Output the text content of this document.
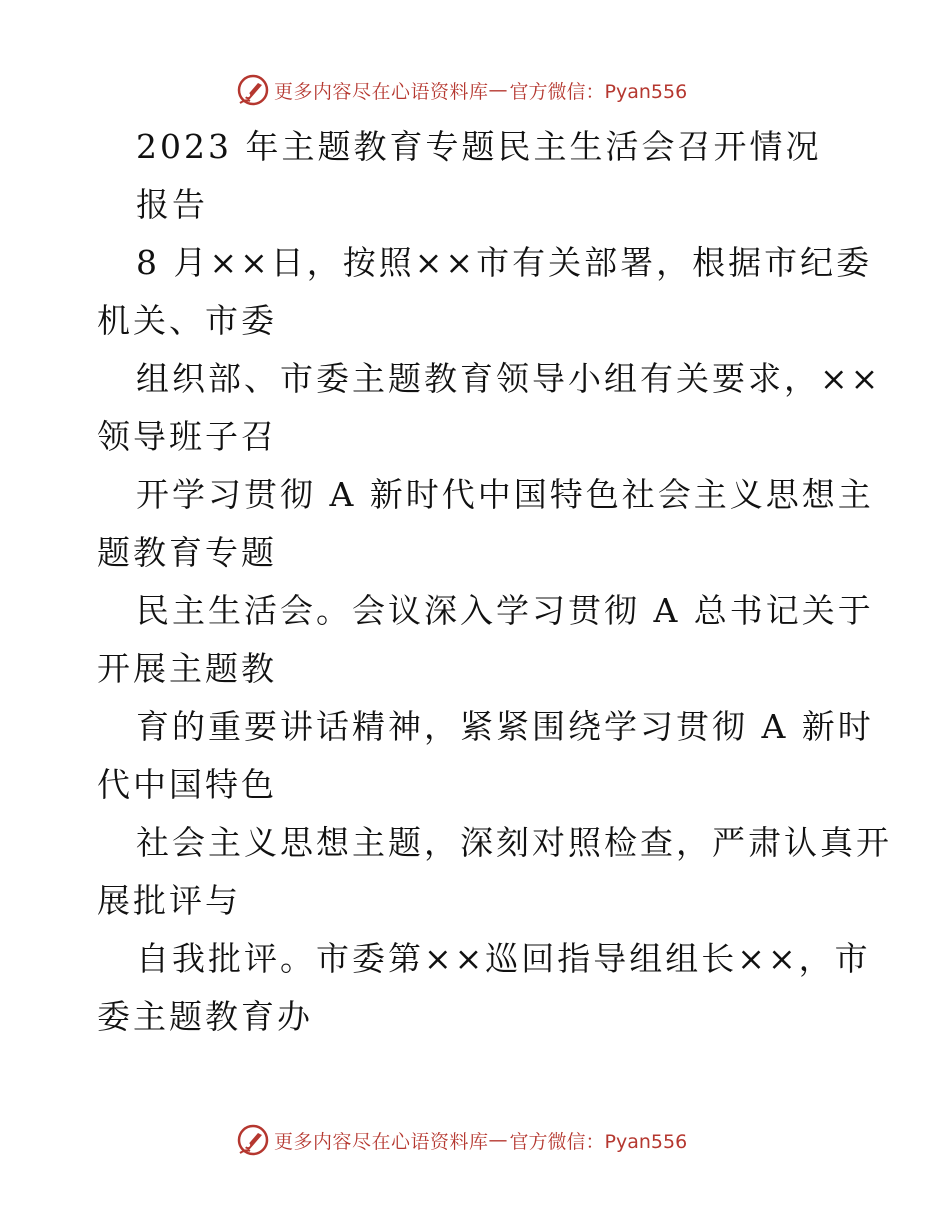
更多内容尽在心语资料库 — 官方微信：Pyan556

2023 年主题教育专题民主生活会召开情况

报告

8 月××日，按照××市有关部署，根据市纪委

机关、市委

组织部、市委主题教育领导小组有关要求，××

领导班子召

开学习贯彻 A 新时代中国特色社会主义思想主

题教育专题

民主生活会。会议深入学习贯彻 A 总书记关于

开展主题教

育的重要讲话精神，紧紧围绕学习贯彻 A 新时

代中国特色

社会主义思想主题，深刻对照检查，严肃认真开

展批评与

自我批评。市委第××巡回指导组组长××，市

委主题教育办

更多内容尽在心语资料库 — 官方微信：Pyan556
